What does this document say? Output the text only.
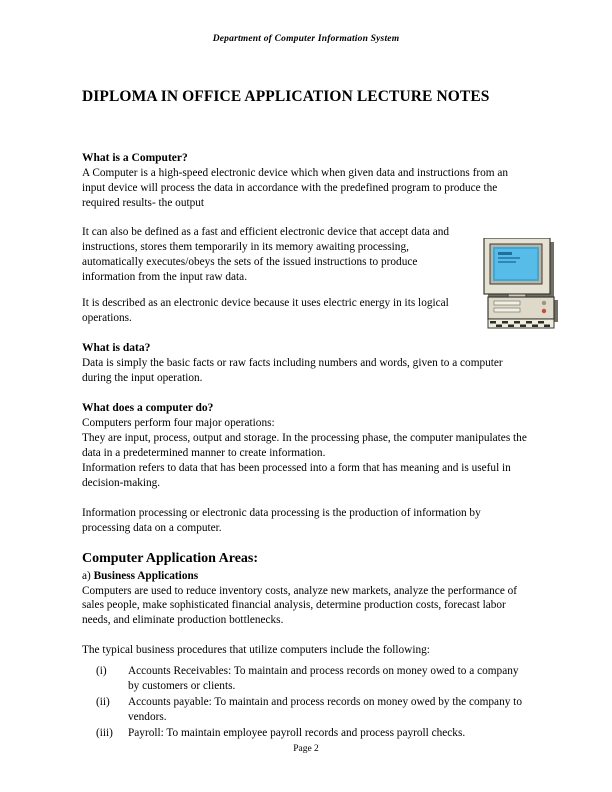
Department of Computer Information System
DIPLOMA IN OFFICE APPLICATION LECTURE NOTES
What is a Computer?

A Computer is a high-speed electronic device which when given data and instructions from an input device will process the data in accordance with the predefined program to produce the required results- the output

It can also be defined as a fast and efficient electronic device that accept data and instructions, stores them temporarily in its memory awaiting processing, automatically executes/obeys the sets of the issued instructions to produce information from the input raw data.

It is described as an electronic device because it uses electric energy in its logical operations.

What is data?

Data is simply the basic facts or raw facts including numbers and words, given to a computer during the input operation.

What does a computer do?

Computers perform four major operations:

They are input, process, output and storage. In the processing phase, the computer manipulates the data in a predetermined manner to create information.

Information refers to data that has been processed into a form that has meaning and is useful in decision-making.

Information processing or electronic data processing is the production of information by processing data on a computer.

Computer Application Areas:
a) Business Applications

Computers are used to reduce inventory costs, analyze new markets, analyze the performance of sales people, make sophisticated financial analysis, determine production costs, forecast labor needs, and eliminate production bottlenecks.

The typical business procedures that utilize computers include the following:

(i)	Accounts Receivables: To maintain and process records on money owed to a company by customers or clients.
(ii)	Accounts payable: To maintain and process records on money owed by the company to vendors.
(iii)	Payroll: To maintain employee payroll records and process payroll checks.
Page 2
